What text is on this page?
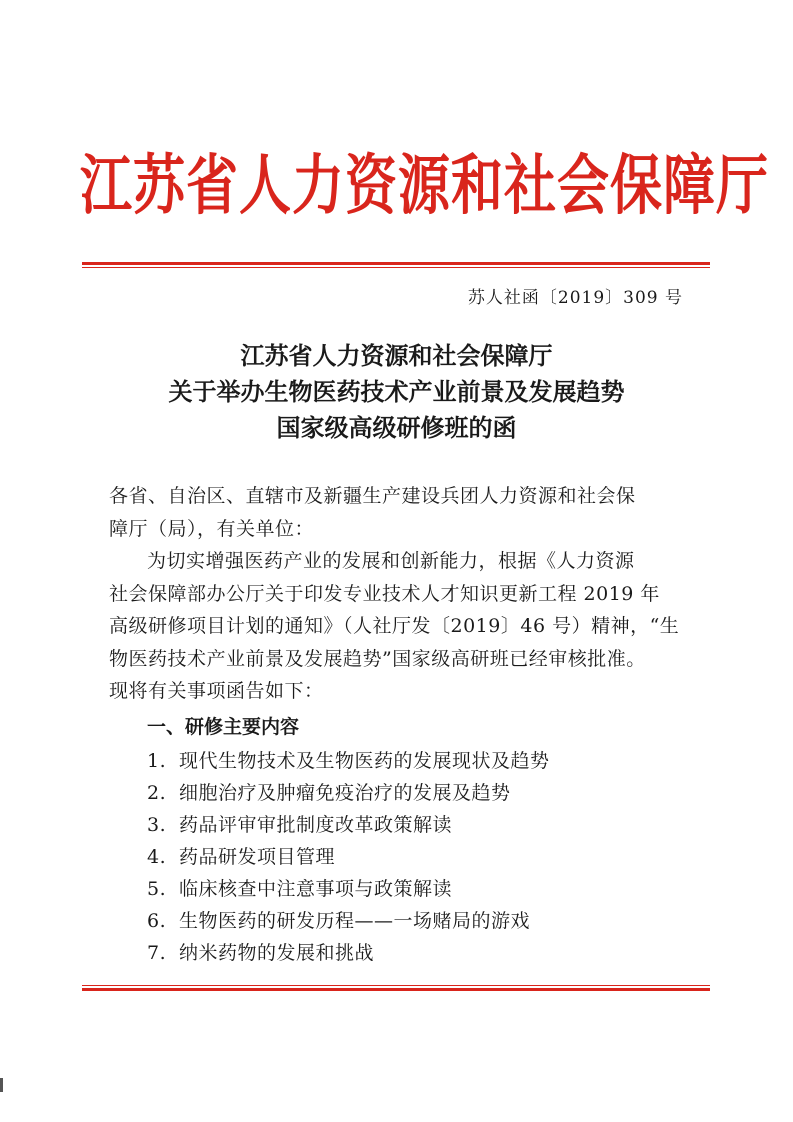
江苏省人力资源和社会保障厅
苏人社函〔2019〕309 号
江苏省人力资源和社会保障厅
关于举办生物医药技术产业前景及发展趋势
国家级高级研修班的函
各省、自治区、直辖市及新疆生产建设兵团人力资源和社会保
障厅（局），有关单位：
为切实增强医药产业的发展和创新能力，根据《人力资源
社会保障部办公厅关于印发专业技术人才知识更新工程 2019 年
高级研修项目计划的通知》（人社厅发〔2019〕46 号）精神，“生
物医药技术产业前景及发展趋势”国家级高研班已经审核批准。
现将有关事项函告如下：
一、研修主要内容
1. 现代生物技术及生物医药的发展现状及趋势
2. 细胞治疗及肿瘤免疫治疗的发展及趋势
3. 药品评审审批制度改革政策解读
4. 药品研发项目管理
5. 临床核查中注意事项与政策解读
6. 生物医药的研发历程——一场赌局的游戏
7. 纳米药物的发展和挑战
